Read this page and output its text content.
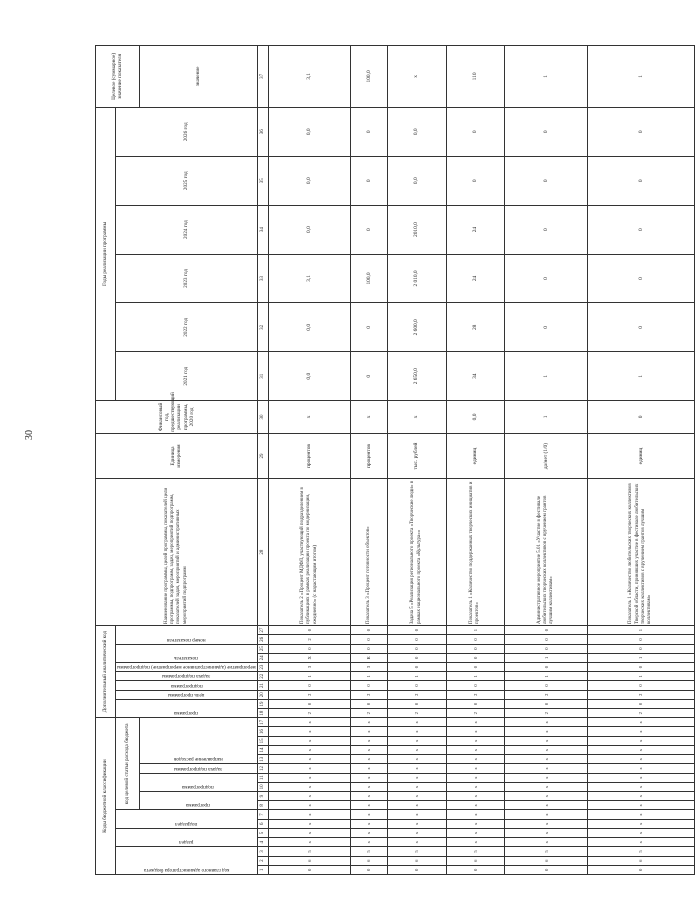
30
Коды бюджетной классификации																	Дополнительный аналитический код										Наименование программы, целей программы, показателей цели программы, подпрограмм, задач, мероприятий подпрограмм, показателей задач, мероприятий и административных мероприятий подпрограмм	Единица измерения	Финансовый год, предшествующий реализации программы, 2020 год	Годы реализации программы						Целевое (суммарное) значение показателя

код главного администратора бюджета			раздел		подраздел		код целевой статьи расхода бюджета										программа		цель программы	подпрограмма	задача подпрограммы	мероприятие (административное мероприятие) подпрограммы	показатель		номер показателя					2021 год	2022 год	2023 год	2024 год	2025 год	2026 год	

							программа		подпрограмма		задача подпрограммы	направление расходов																								значение
1	2	3	4	5	6	7	8	9	10	11	12	13	14	15	16	17	18	19	20	21	22	23	24	25	26	27	28	29	30	31	32	33	34	35	36	37
0	6	5	х	х	х	х	х	х	х	х	х	х	х	х	х	х	2	0	2	0	1	3	Х	0	2	0	Показатель 2 «Процент МДФЛ, участвующий подразделением в публикациях в рамках реализации проекта по модернизации, ежедневно» (с нарастающим итогом)	процентов	х	0,0	0,0	3,1	0,0	0,0	0,0	3,1
0	6	5	х	х	х	х	х	х	х	х	х	х	х	х	х	х	2	0	2	0	1	3	К	0	0	0	Показатель 3 «Процент готовности объектов»	процентов	х	0	0	100,0	0	0	0	100,0
0	6	5	х	х	х	х	х	х	х	х	х	х	х	х	х	х	2	0	2	0	1	0	0	0	0	0	Задача 5 «Реализация регионального проекта «Творческие люди» в рамках национального проекта «Культура»»	тыс. рублей	х	2 650,0	2 600,0	2 010,0	2010,0	0,0	0,0	х
0	6	5	х	х	х	х	х	х	х	х	х	х	х	х	х	х	2	0	2	0	1	0	0	0	0	1	Показатель 1 «Количество поддержанных творческих инициатив и проектов»	единиц	0,0	34	28	24	24	0	0	110
0	6	5	х	х	х	х	х	х	х	х	х	х	х	х	х	х	2	0	2	0	1	0	1	0	0	0	Административное мероприятие 5.01 «Участие в фестивале любительских творческих коллективов с вручением грантов лучшим коллективам»	да/нет (1/0)	1	1	0	0	0	0	0	1
0	6	5	х	х	х	х	х	х	х	х	х	х	х	х	х	х	2	0	2	0	1	0	1	0	0	1	Показатель 1 «Количество любительских творческих коллективов Тверской области, принявших участие в фестивале любительских творческих коллективов с вручением грантов лучшим коллективам»	единиц	0	1	0	0	0	0	0	1
